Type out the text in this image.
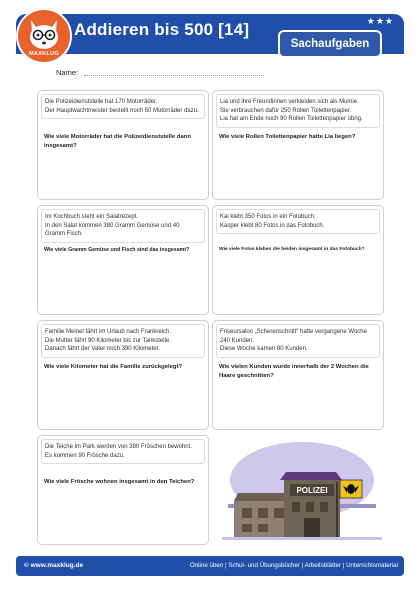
MAXKLUG
Addieren bis 500 [14]	★★★
Sachaufgaben
Name:
Die Polizeidienststelle hat 170 Motorräder.
Der Hauptwachtmeister bestellt noch 50 Motorräder dazu.
Wie viele Motorräder hat die Polizeidienststelle dann insgesamt?
Lia und ihre Freundinnen verkleiden sich als Mumie.
Sie verbrauchen dafür 250 Rollen Toilettenpapier.
Lia hat am Ende noch 90 Rollen Toilettenpapier übrig.
Wie viele Rollen Toilettenpapier hatte Lia liegen?
Im Kochbuch steht ein Salatrezept.
In den Salat kommen 380 Gramm Gemüse und 40 Gramm Fisch.
Wie viele Gramm Gemüse und Fisch sind das insgesamt?
Kai klebt 350 Fotos in ein Fotobuch.
Kasper klebt 80 Fotos in das Fotobuch.
Wie viele Fotos kleben die beiden insgesamt in das Fotobuch?
Familie Meinel fährt im Urlaub nach Frankreich.
Die Mutter fährt 90 Kilometer bis zur Tankstelle.
Danach fährt der Vater noch 390 Kilometer.
Wie viele Kilometer hat die Familie zurückgelegt?
Friseursalon „Scherenschnitt“ hatte vergangene Woche 240 Kunden.
Diese Woche kamen 80 Kunden.
Wie vielen Kunden wurde innerhalb der 2 Wochen die Haare geschnitten?
Die Teiche im Park werden von 380 Fröschen bewohnt.
Es kommen 90 Frösche dazu.
Wie viele Frösche wohnen insgesamt in den Teichen?
POLIZEI
© www.maxklug.de	Online üben | Schul- und Übungsbücher | Arbeitsblätter | Unterrichtsmaterial
